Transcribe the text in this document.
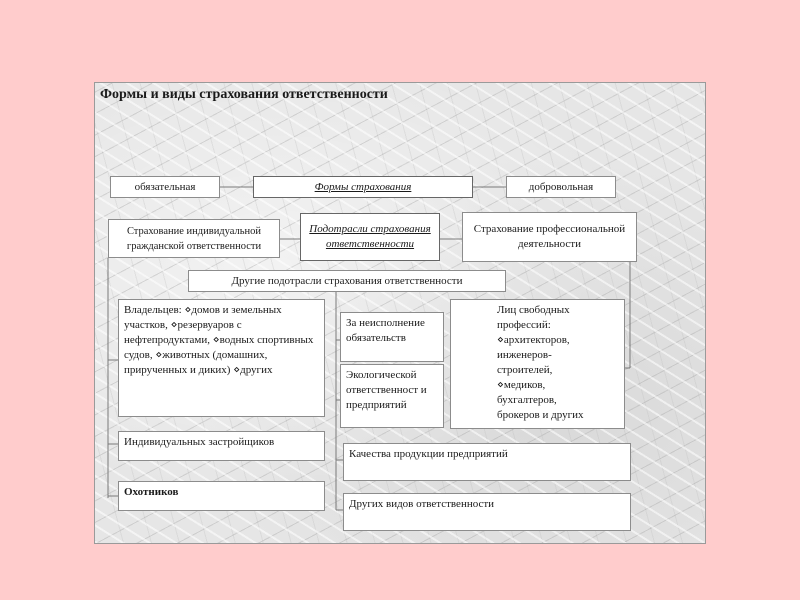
Формы и виды страхования ответственности
обязательная	Формы страхования	добровольная
Страхование индивидуальной гражданской ответственности
Подотрасли страхования ответственности
Страхование профессиональной деятельности
Другие подотрасли страхования ответственности
Владельцев: ⋄домов и земельных участков, ⋄резервуаров с нефтепродуктами, ⋄водных спортивных судов, ⋄животных (домашних, прирученных и диких) ⋄других
За неисполнение обязательств
Экологической ответственност и предприятий
Лиц свободных профессий: ⋄архитекторов, инженеров-строителей,
⋄медиков, бухгалтеров, брокеров и других
Индивидуальных застройщиков
Качества продукции предприятий
Охотников
Других видов ответственности
